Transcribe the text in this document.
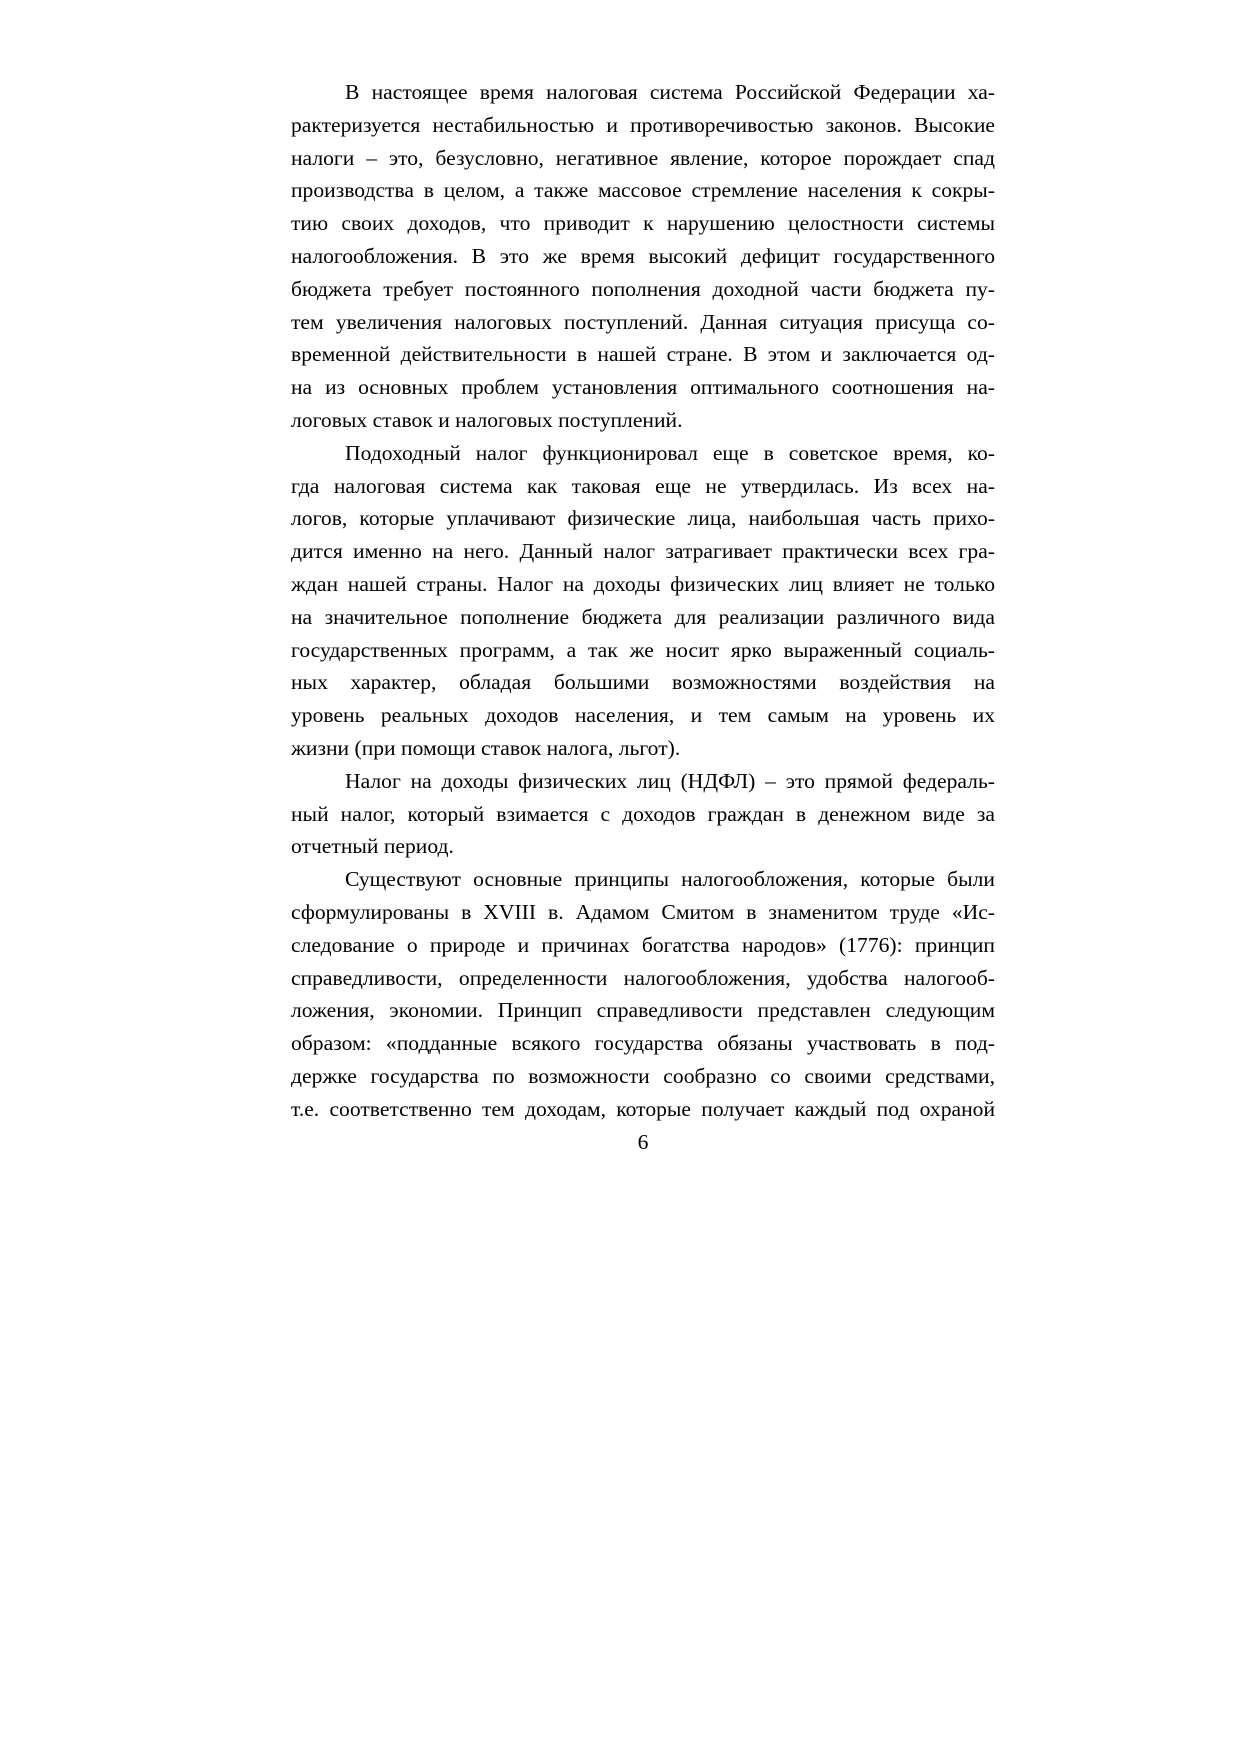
В настоящее время налоговая система Российской Федерации ха-
рактеризуется нестабильностью и противоречивостью законов. Высокие
налоги – это, безусловно, негативное явление, которое порождает спад
производства в целом, а также массовое стремление населения к сокры-
тию своих доходов, что приводит к нарушению целостности системы
налогообложения. В это же время высокий дефицит государственного
бюджета требует постоянного пополнения доходной части бюджета пу-
тем увеличения налоговых поступлений. Данная ситуация присуща со-
временной действительности в нашей стране. В этом и заключается од-
на из основных проблем установления оптимального соотношения на-
логовых ставок и налоговых поступлений.
Подоходный налог функционировал еще в советское время, ко-
гда налоговая система как таковая еще не утвердилась. Из всех на-
логов, которые уплачивают физические лица, наибольшая часть прихо-
дится именно на него. Данный налог затрагивает практически всех гра-
ждан нашей страны. Налог на доходы физических лиц влияет не только
на значительное пополнение бюджета для реализации различного вида
государственных программ, а так же носит ярко выраженный социаль-
ных характер, обладая большими возможностями воздействия на
уровень реальных доходов населения, и тем самым на уровень их
жизни (при помощи ставок налога, льгот).
Налог на доходы физических лиц (НДФЛ) – это прямой федераль-
ный налог, который взимается с доходов граждан в денежном виде за
отчетный период.
Существуют основные принципы налогообложения, которые были
сформулированы в XVIII в. Адамом Смитом в знаменитом труде «Ис-
следование о природе и причинах богатства народов» (1776): принцип
справедливости, определенности налогообложения, удобства налогооб-
ложения, экономии. Принцип справедливости представлен следующим
образом: «подданные всякого государства обязаны участвовать в под-
держке государства по возможности сообразно со своими средствами,
т.е. соответственно тем доходам, которые получает каждый под охраной
6
